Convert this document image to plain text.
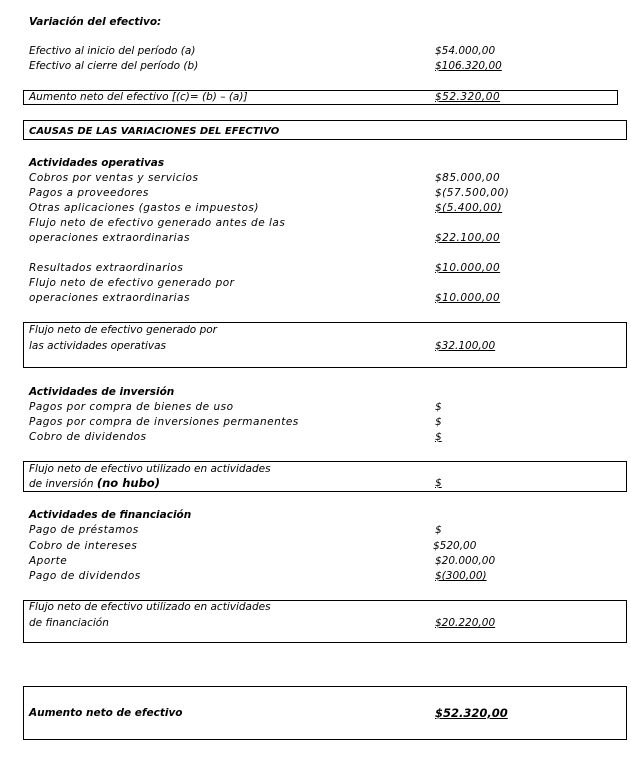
Variación del efectivo:
Efectivo al inicio del período (a)	$54.000,00
Efectivo al cierre del período (b)	$106.320,00
Aumento neto del efectivo [(c)= (b) – (a)]	$52.320,00
CAUSAS DE LAS VARIACIONES DEL EFECTIVO
Actividades operativas
Cobros por ventas y servicios	$85.000,00
Pagos a proveedores	$(57.500,00)
Otras aplicaciones (gastos e impuestos)	$(5.400,00)
Flujo neto de efectivo generado antes de las
operaciones extraordinarias	$22.100,00
Resultados extraordinarios	$10.000,00
Flujo neto de efectivo generado por
operaciones extraordinarias	$10.000,00
Flujo neto de efectivo generado por
las actividades operativas	$32.100,00
Actividades de inversión
Pagos por compra de bienes de uso	$
Pagos por compra de inversiones permanentes	$
Cobro de dividendos	$
Flujo neto de efectivo utilizado en actividades
de inversión (no hubo)	$
Actividades de financiación
Pago de préstamos	$
Cobro de intereses	$520,00
Aporte	$20.000,00
Pago de dividendos	$(300,00)
Flujo neto de efectivo utilizado en actividades
de financiación	$20.220,00
Aumento neto de efectivo	$52.320,00
